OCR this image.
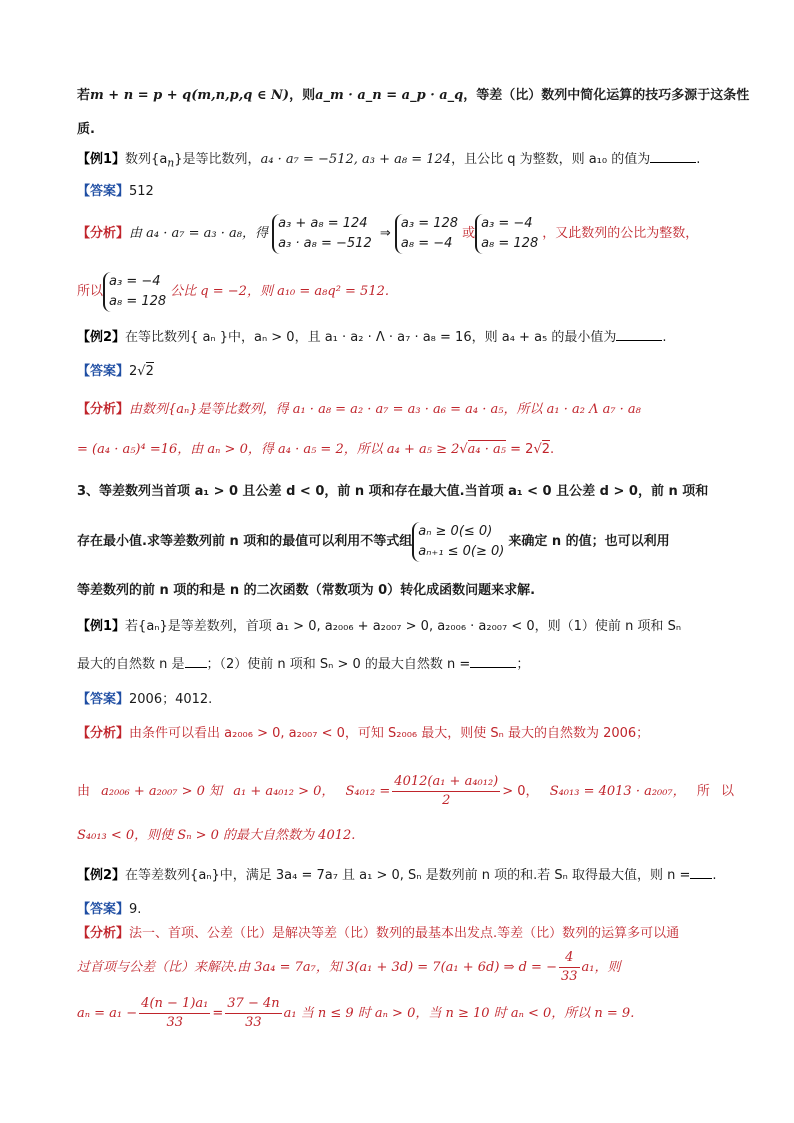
若m + n = p + q(m,n,p,q ∈ N)，则a_m · a_n = a_p · a_q，等差（比）数列中简化运算的技巧多源于这条性
质.
【例1】数列$\{a_n\}$是等比数列，a₄ · a₇ = −512, a₃ + a₈ = 124，且公比 q 为整数，则 a₁₀ 的值为	.
【答案】512
【分析】由 a₄ · a₇ = a₃ · a₈，得
a₃ + a₈ = 124
a₃ · a₈ = −512
⇒
a₃ = 128
a₈ = −4
或
a₃ = −4
a₈ = 128
，又此数列的公比为整数，
所以
a₃ = −4
a₈ = 128
公比 q = −2，则 a₁₀ = a₈q² = 512.
【例2】在等比数列{ aₙ }中，aₙ > 0，且 a₁ · a₂ · Λ · a₇ · a₈ = 16，则 a₄ + a₅ 的最小值为	.
【答案】2√2
【分析】由数列{aₙ}是等比数列，得 a₁ · a₈ = a₂ · a₇ = a₃ · a₆ = a₄ · a₅，所以 a₁ · a₂ Λ a₇ · a₈
= (a₄ · a₅)⁴ =16，由 aₙ > 0，得 a₄ · a₅ = 2，所以 a₄ + a₅ ≥ 2√a₄ · a₅ = 2√2.
3、等差数列当首项 a₁ > 0 且公差 d < 0，前 n 项和存在最大值.当首项 a₁ < 0 且公差 d > 0，前 n 项和
存在最小值.求等差数列前 n 项和的最值可以利用不等式组
aₙ ≥ 0(≤ 0)
aₙ₊₁ ≤ 0(≥ 0)
来确定 n 的值；也可以利用
等差数列的前 n 项的和是 n 的二次函数（常数项为 0）转化成函数问题来求解.
【例1】若{aₙ}是等差数列，首项 a₁ > 0, a₂₀₀₆ + a₂₀₀₇ > 0, a₂₀₀₆ · a₂₀₀₇ < 0，则（1）使前 n 项和 Sₙ
最大的自然数 n 是 ；（2）使前 n 项和 Sₙ > 0 的最大自然数 n =	；
【答案】2006；4012.
【分析】由条件可以看出 a₂₀₀₆ > 0, a₂₀₀₇ < 0，可知 S₂₀₀₆ 最大，则使 Sₙ 最大的自然数为 2006；
由 a₂₀₀₆ + a₂₀₀₇ > 0 知 a₁ + a₄₀₁₂ > 0， $S_{4012} = \frac{\text{4012(a₁ + a₄₀₁₂)}}{2} > 0$， S₄₀₁₃ = 4013 · a₂₀₀₇， 所 以
S₄₀₁₃ < 0，则使 Sₙ > 0 的最大自然数为 4012.
【例2】在等差数列{aₙ}中，满足 3a₄ = 7a₇ 且 a₁ > 0, Sₙ 是数列前 n 项的和.若 Sₙ 取得最大值，则 n = .
【答案】9.
【分析】法一、首项、公差（比）是解决等差（比）数列的最基本出发点.等差（比）数列的运算多可以通
过首项与公差（比）来解决.由 3a₄ = 7a₇，知 3(a₁ + 3d) = 7(a₁ + 6d) ⇒ d = − $\frac{4}{33} a_1$，则
$a_n = a_1 - \frac{\text{4(n − 1)a₁}}{33} = \frac{37 - 4n}{33} a_1$ 当 n ≤ 9 时 aₙ > 0，当 n ≥ 10 时 aₙ < 0，所以 n = 9.
